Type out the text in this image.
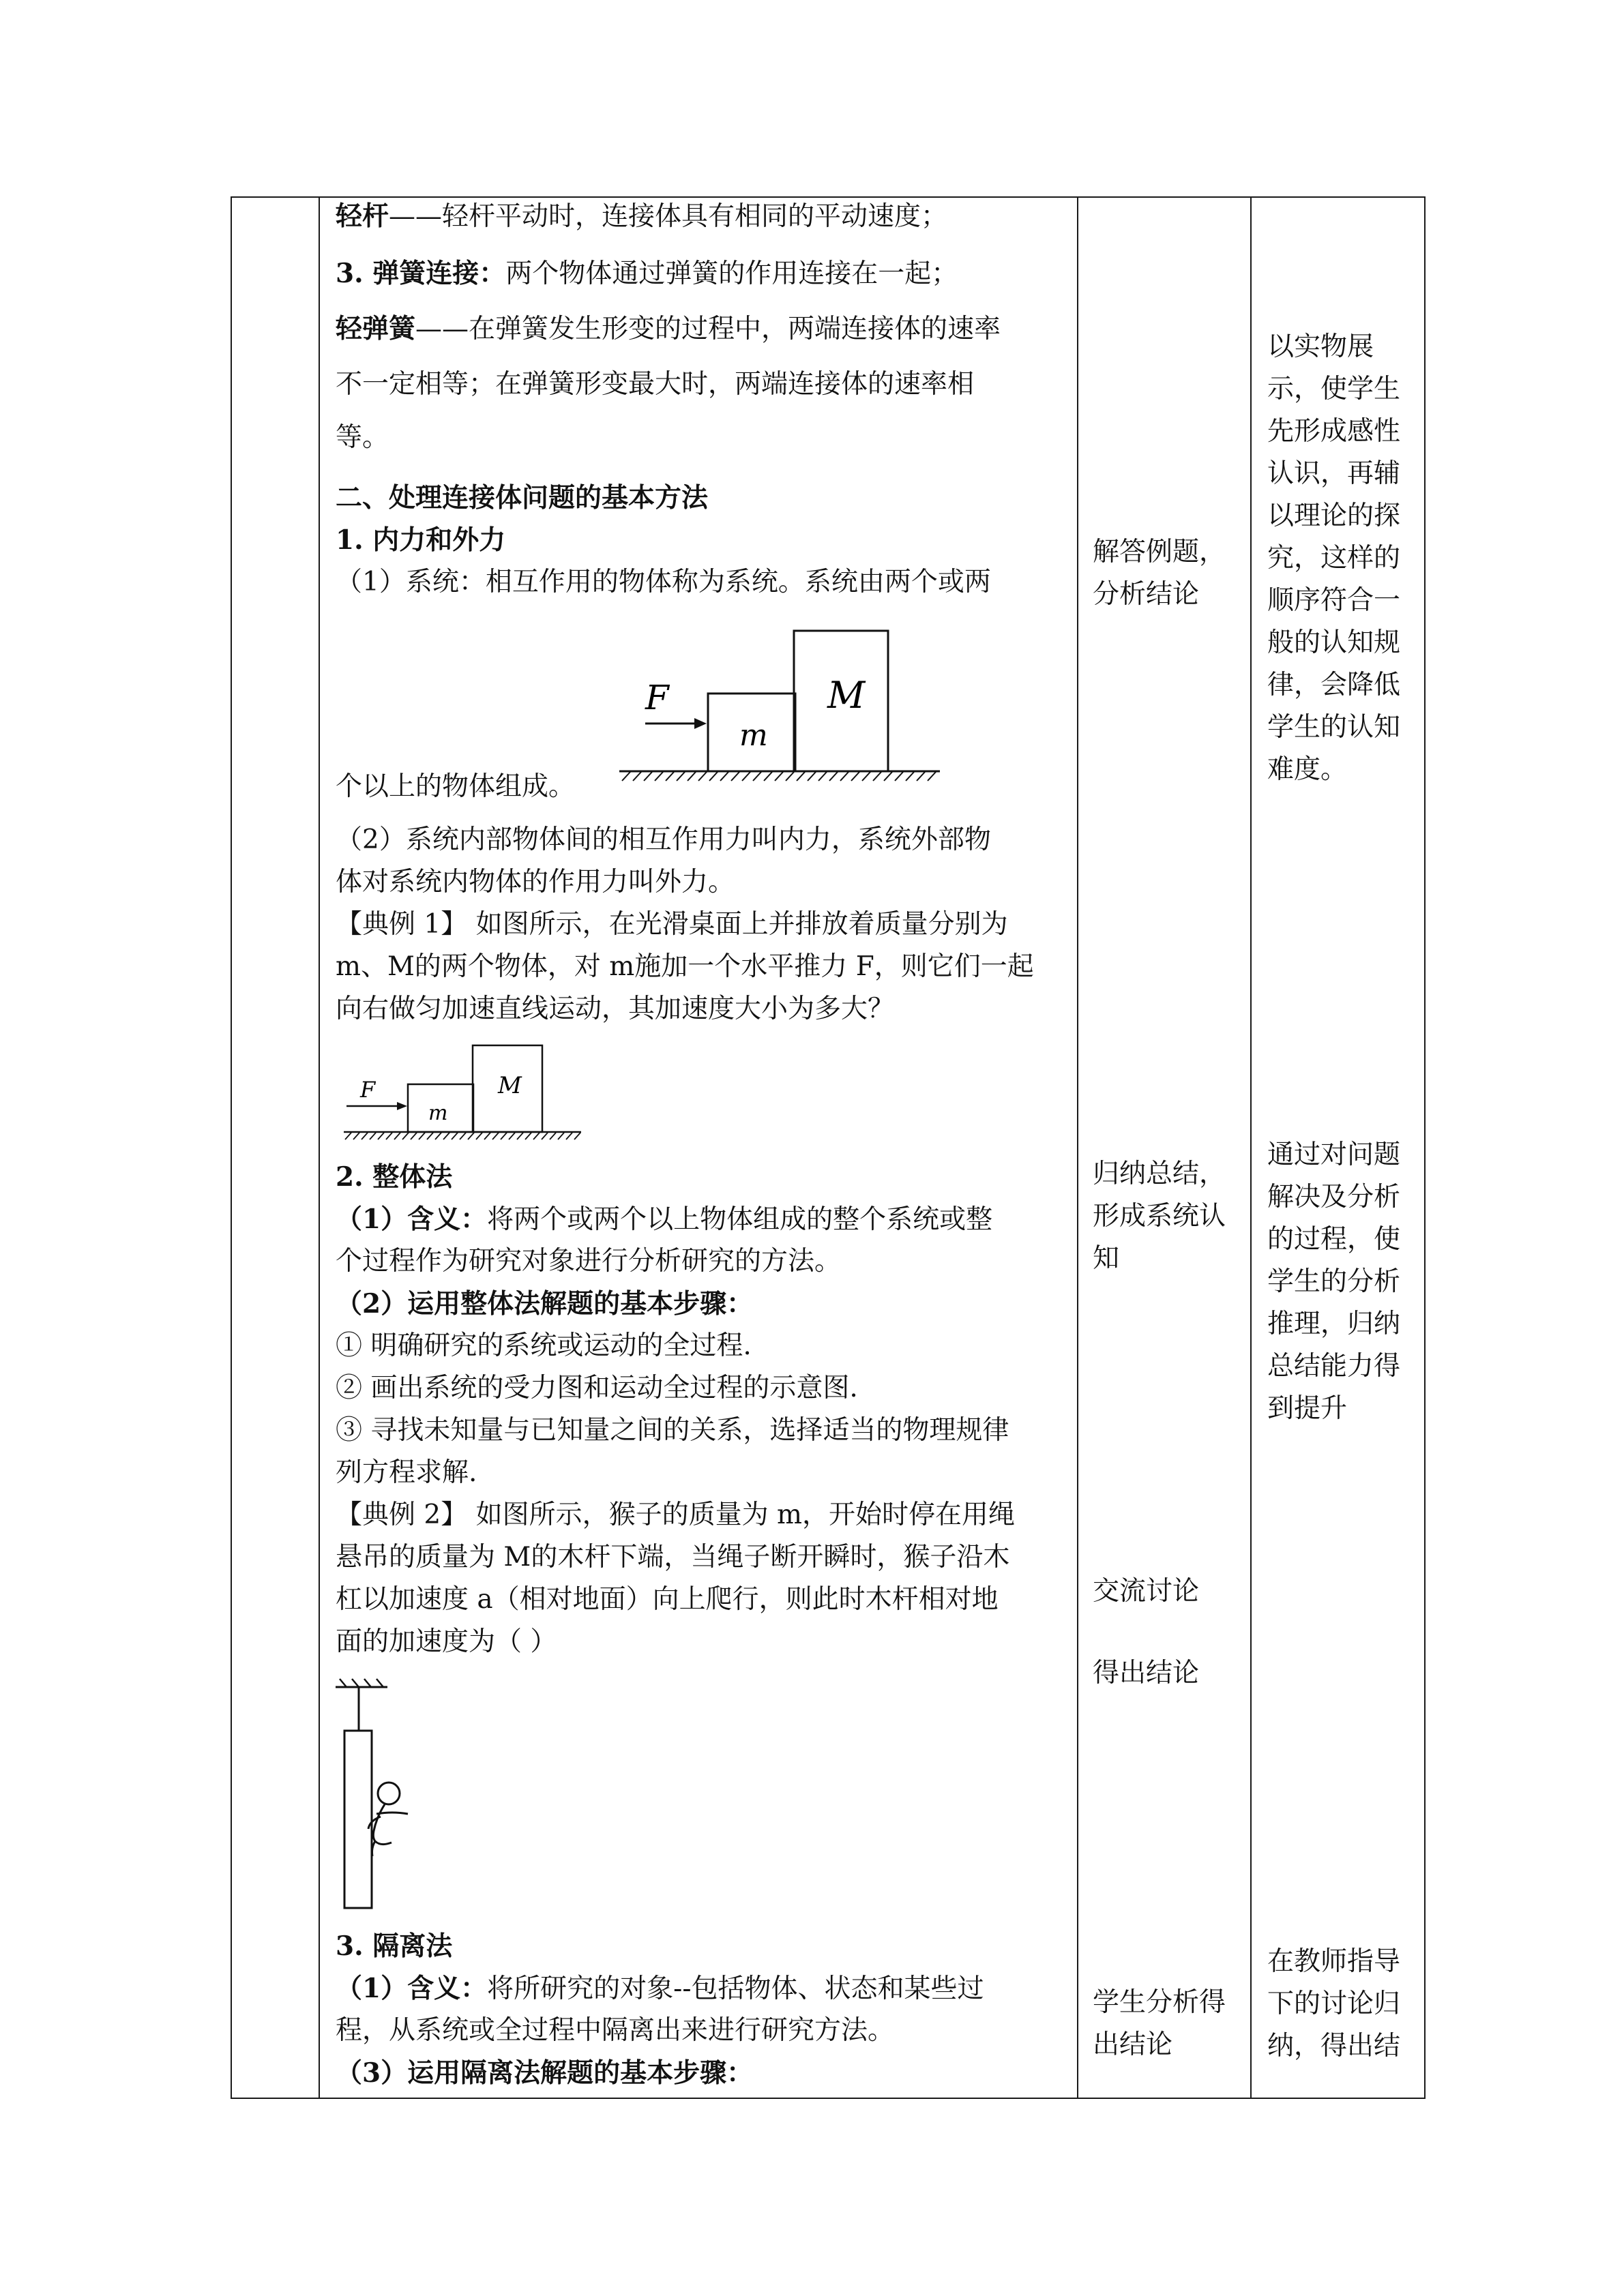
轻杆——轻杆平动时，连接体具有相同的平动速度；
3. 弹簧连接：两个物体通过弹簧的作用连接在一起；
轻弹簧——在弹簧发生形变的过程中，两端连接体的速率
不一定相等；在弹簧形变最大时，两端连接体的速率相
等。
二、处理连接体问题的基本方法
1. 内力和外力
（1）系统：相互作用的物体称为系统。系统由两个或两
F
m
M
个以上的物体组成。
（2）系统内部物体间的相互作用力叫内力，系统外部物
体对系统内物体的作用力叫外力。
【典例 1】 如图所示，在光滑桌面上并排放着质量分别为
m、M的两个物体，对 m施加一个水平推力 F，则它们一起
向右做匀加速直线运动，其加速度大小为多大？
F
m
M
2. 整体法
（1）含义：将两个或两个以上物体组成的整个系统或整
个过程作为研究对象进行分析研究的方法。
（2）运用整体法解题的基本步骤：
① 明确研究的系统或运动的全过程.
② 画出系统的受力图和运动全过程的示意图.
③ 寻找未知量与已知量之间的关系，选择适当的物理规律
列方程求解.
【典例 2】 如图所示，猴子的质量为 m，开始时停在用绳
悬吊的质量为 M的木杆下端，当绳子断开瞬时，猴子沿木
杠以加速度 a（相对地面）向上爬行，则此时木杆相对地
面的加速度为（ ）
3. 隔离法
（1）含义：将所研究的对象--包括物体、状态和某些过
程，从系统或全过程中隔离出来进行研究方法。
（3）运用隔离法解题的基本步骤：
解答例题，
分析结论
归纳总结，
形成系统认
知
交流讨论
得出结论
学生分析得
出结论
以实物展
示，使学生
先形成感性
认识，再辅
以理论的探
究，这样的
顺序符合一
般的认知规
律，会降低
学生的认知
难度。
通过对问题
解决及分析
的过程，使
学生的分析
推理，归纳
总结能力得
到提升
在教师指导
下的讨论归
纳，得出结
